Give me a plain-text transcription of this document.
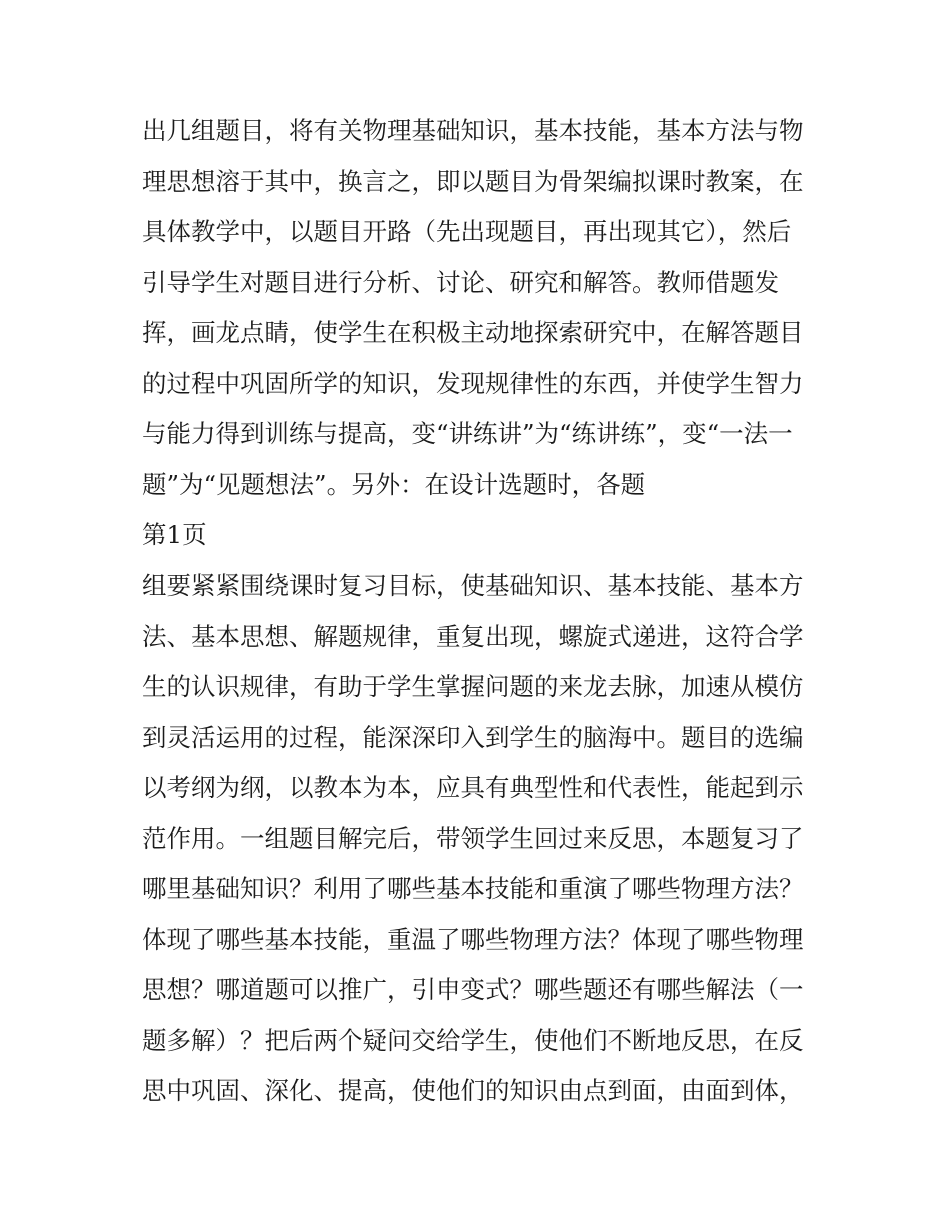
出几组题目，将有关物理基础知识，基本技能，基本方法与物
理思想溶于其中，换言之，即以题目为骨架编拟课时教案，在
具体教学中，以题目开路（先出现题目，再出现其它），然后
引导学生对题目进行分析、讨论、研究和解答。教师借题发
挥，画龙点睛，使学生在积极主动地探索研究中，在解答题目
的过程中巩固所学的知识，发现规律性的东西，并使学生智力
与能力得到训练与提高，变“讲练讲”为“练讲练”，变“一法一
题”为“见题想法”。另外：在设计选题时，各题
第1页
组要紧紧围绕课时复习目标，使基础知识、基本技能、基本方
法、基本思想、解题规律，重复出现，螺旋式递进，这符合学
生的认识规律，有助于学生掌握问题的来龙去脉，加速从模仿
到灵活运用的过程，能深深印入到学生的脑海中。题目的选编
以考纲为纲，以教本为本，应具有典型性和代表性，能起到示
范作用。一组题目解完后，带领学生回过来反思，本题复习了
哪里基础知识？利用了哪些基本技能和重演了哪些物理方法？
体现了哪些基本技能，重温了哪些物理方法？体现了哪些物理
思想？哪道题可以推广，引申变式？哪些题还有哪些解法（一
题多解）？把后两个疑问交给学生，使他们不断地反思，在反
思中巩固、深化、提高，使他们的知识由点到面，由面到体，
